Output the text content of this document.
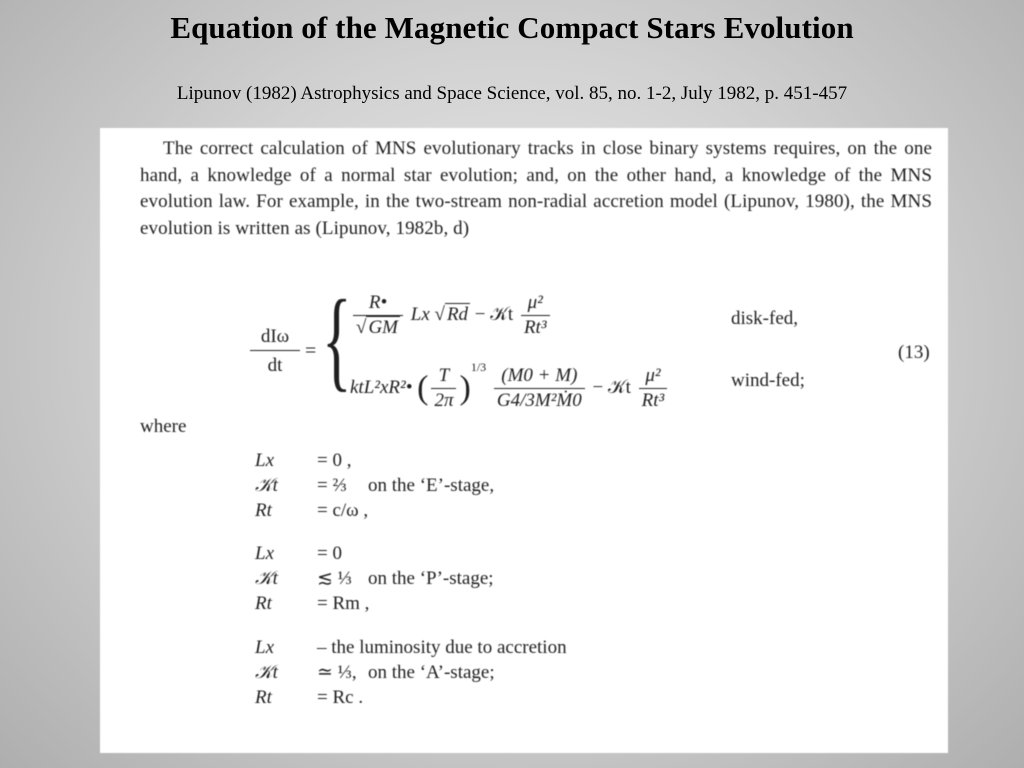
Equation of the Magnetic Compact Stars Evolution
Lipunov (1982) Astrophysics and Space Science, vol. 85, no. 1-2, July 1982, p. 451-457

The correct calculation of MNS evolutionary tracks in close binary systems requires, on the one hand, a knowledge of a normal star evolution; and, on the other hand, a knowledge of the MNS evolution law. For example, in the two-stream non-radial accretion model (Lipunov, 1980), the MNS evolution is written as (Lipunov, 1982b, d)

dIω
dt
= { $\frac{R•}{√ GM}$ Lx √ Rd − 𝒦t $\frac{\text{μ²}}{\text{Rt³}}$	disk-fed,
ktL²xR²• ( $\frac{T}{2\pi} )^{1/3} \frac{(M0 + M)}{\text{G4/3M²Ṁ0}}$ − 𝒦t $\frac{\text{μ²}}{\text{Rt³}}$	wind-fed;
(13)
where
Lx = 0 ,
𝒦t = ⅔
Rt = c/ω ,
on the ‘E’-stage,
Lx = 0
𝒦t ≲ ⅓
Rt = Rm ,
on the ‘P’-stage;
Lx – the luminosity due to accretion
𝒦t ≃ ⅓,
Rt = Rc .
on the ‘A’-stage;
